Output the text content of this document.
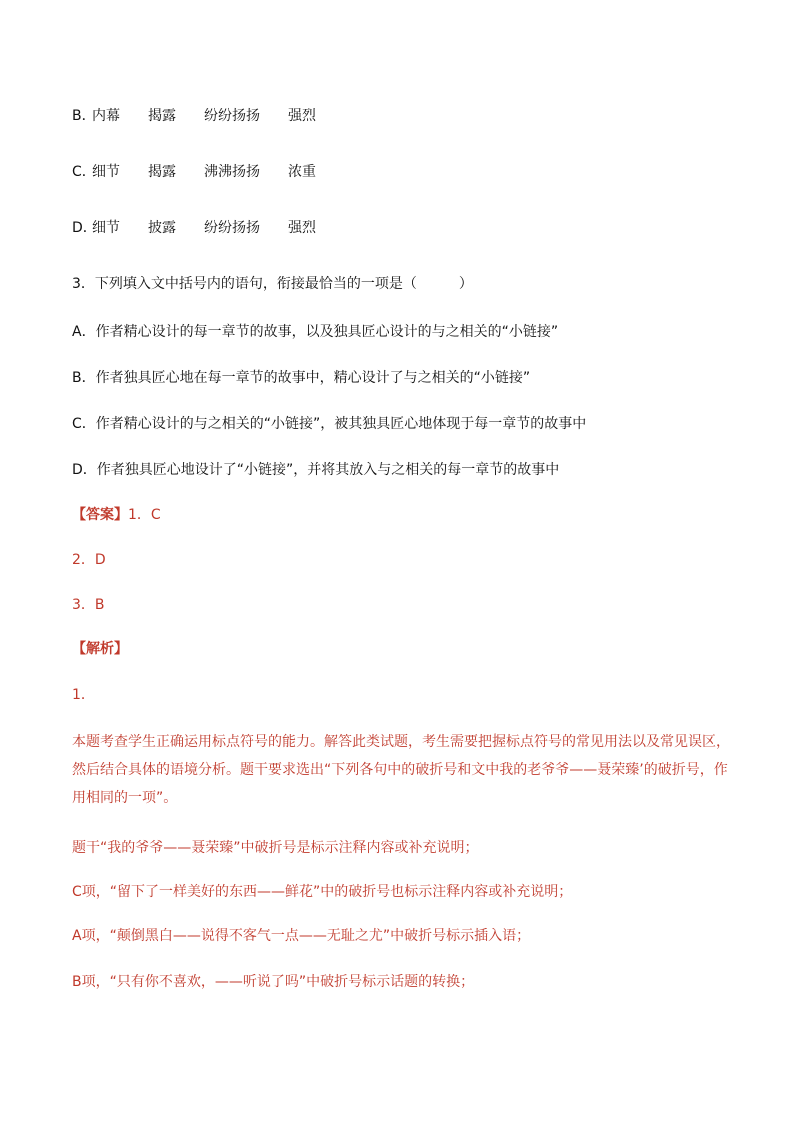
B．
内幕	揭露	纷纷扬扬	强烈
C．
细节	揭露	沸沸扬扬	浓重
D．
细节	披露	纷纷扬扬	强烈
3．下列填入文中括号内的语句，衔接最恰当的一项是（　　　）
A．作者精心设计的每一章节的故事，以及独具匠心设计的与之相关的“小链接”
B．作者独具匠心地在每一章节的故事中，精心设计了与之相关的“小链接”
C．作者精心设计的与之相关的“小链接”，被其独具匠心地体现于每一章节的故事中
D．作者独具匠心地设计了“小链接”，并将其放入与之相关的每一章节的故事中
【答案】1．C
2．D
3．B
【解析】
1．
本题考查学生正确运用标点符号的能力。解答此类试题，考生需要把握标点符号的常见用法以及常见误区，然后结合具体的语境分析。题干要求选出“下列各句中的破折号和文中我的老爷爷——聂荣臻’的破折号，作用相同的一项”。
题干“我的爷爷——聂荣臻”中破折号是标示注释内容或补充说明；
C项，“留下了一样美好的东西——鲜花”中的破折号也标示注释内容或补充说明；
A项，“颠倒黑白——说得不客气一点——无耻之尤”中破折号标示插入语；
B项，“只有你不喜欢，——听说了吗”中破折号标示话题的转换；
